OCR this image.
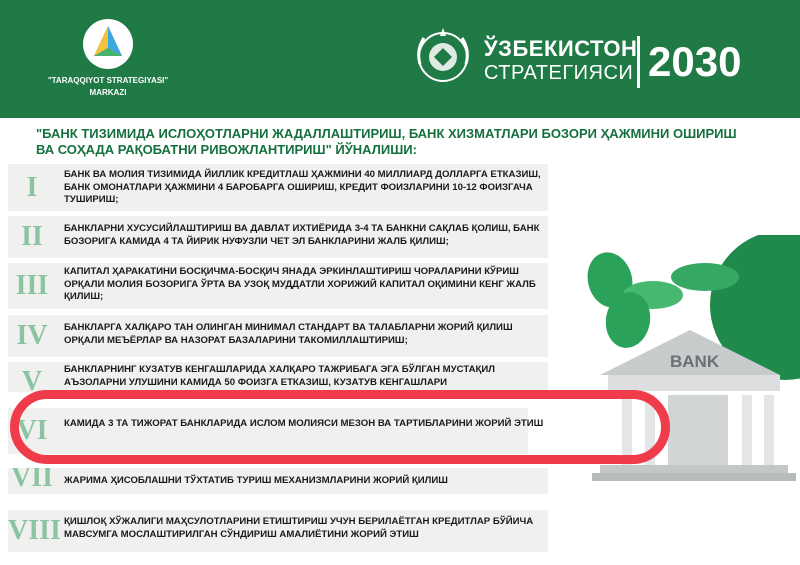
"TARAQQIYOT STRATEGIYASI"
MARKAZI
ЎЗБЕКИСТОН
СТРАТЕГИЯСИ 2030
"БАНК ТИЗИМИДА ИСЛОҲОТЛАРНИ ЖАДАЛЛАШТИРИШ, БАНК ХИЗМАТЛАРИ БОЗОРИ ҲАЖМИНИ ОШИРИШ ВА СОҲАДА РАҚОБАТНИ РИВОЖЛАНТИРИШ" ЙЎНАЛИШИ:
I	БАНК ВА МОЛИЯ ТИЗИМИДА ЙИЛЛИК КРЕДИТЛАШ ҲАЖМИНИ 40 МИЛЛИАРД ДОЛЛАРГА ЕТКАЗИШ, БАНК ОМОНАТЛАРИ ҲАЖМИНИ 4 БАРОБАРГА ОШИРИШ, КРЕДИТ ФОИЗЛАРИНИ 10-12 ФОИЗГАЧА ТУШИРИШ;
II	БАНКЛАРНИ ХУСУСИЙЛАШТИРИШ ВА ДАВЛАТ ИХТИЁРИДА 3-4 ТА БАНКНИ САҚЛАБ ҚОЛИШ, БАНК БОЗОРИГА КАМИДА 4 ТА ЙИРИК НУФУЗЛИ ЧЕТ ЭЛ БАНКЛАРИНИ ЖАЛБ ҚИЛИШ;
III	КАПИТАЛ ҲАРАКАТИНИ БОСҚИЧМА-БОСҚИЧ ЯНАДА ЭРКИНЛАШТИРИШ ЧОРАЛАРИНИ КЎРИШ ОРҚАЛИ МОЛИЯ БОЗОРИГА ЎРТА ВА УЗОҚ МУДДАТЛИ ХОРИЖИЙ КАПИТАЛ ОҚИМИНИ КЕНГ ЖАЛБ ҚИЛИШ;
IV	БАНКЛАРГА ХАЛҚАРО ТАН ОЛИНГАН МИНИМАЛ СТАНДАРТ ВА ТАЛАБЛАРНИ ЖОРИЙ ҚИЛИШ ОРҚАЛИ МЕЪЁРЛАР ВА НАЗОРАТ БАЗАЛАРИНИ ТАКОМИЛЛАШТИРИШ;
V	БАНКЛАРНИНГ КУЗАТУВ КЕНГАШЛАРИДА ХАЛҚАРО ТАЖРИБАГА ЭГА БЎЛГАН МУСТАҚИЛ АЪЗОЛАРНИ УЛУШИНИ КАМИДА 50 ФОИЗГА ЕТКАЗИШ, КУЗАТУВ КЕНГАШЛАРИ
VI	КАМИДА 3 ТА ТИЖОРАТ БАНКЛАРИДА ИСЛОМ МОЛИЯСИ МЕЗОН ВА ТАРТИБЛАРИНИ ЖОРИЙ ЭТИШ
VII	ЖАРИМА ҲИСОБЛАШНИ ТЎХТАТИБ ТУРИШ МЕХАНИЗМЛАРИНИ ЖОРИЙ ҚИЛИШ
VIII ҚИШЛОҚ ХЎЖАЛИГИ МАҲСУЛОТЛАРИНИ ЕТИШТИРИШ УЧУН БЕРИЛАЁТГАН КРЕДИТЛАР БЎЙИЧА МАВСУМГА МОСЛАШТИРИЛГАН СЎНДИРИШ АМАЛИЁТИНИ ЖОРИЙ ЭТИШ
BANK
